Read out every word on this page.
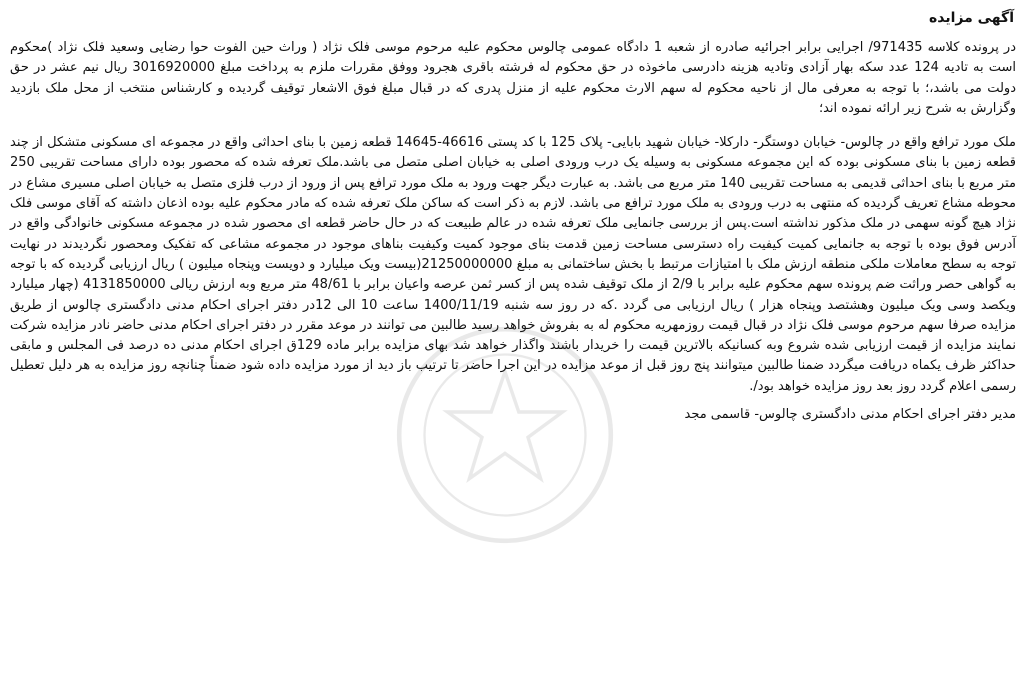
آگهی مزایده

در پرونده کلاسه 971435/ اجرایی برابر اجرائیه صادره از شعبه 1 دادگاه عمومی چالوس محکوم علیه مرحوم موسی فلک نژاد ( وراث حین الفوت حوا رضایی وسعید فلک نژاد )محکوم است به تادیه 124 عدد سکه بهار آزادی وتادیه هزینه دادرسی ماخوذه در حق محکوم له فرشته باقری هجرود ووفق مقررات ملزم به پرداخت مبلغ 3016920000 ریال نیم عشر در حق دولت می باشد،؛ با توجه به معرفی مال از ناحیه محکوم له سهم الارث محکوم علیه از منزل پدری که در قبال مبلغ فوق الاشعار توقیف گردیده و کارشناس منتخب از محل ملک بازدید وگزارش به شرح زیر ارائه نموده اند؛

ملک مورد ترافع واقع در چالوس- خیابان دوستگر- دارکلا- خیابان شهید بابایی- پلاک 125 با کد پستی 46616-14645 قطعه زمین با بنای احداثی واقع در مجموعه ای مسکونی متشکل از چند قطعه زمین با بنای مسکونی بوده که این مجموعه مسکونی به وسیله یک درب ورودی اصلی به خیابان اصلی متصل می باشد.ملک تعرفه شده که محصور بوده دارای مساحت تقریبی 250 متر مربع با بنای احداثی قدیمی به مساحت تقریبی 140 متر مربع می باشد. به عبارت دیگر جهت ورود به ملک مورد ترافع پس از ورود از درب فلزی متصل به خیابان اصلی مسیری مشاع در محوطه مشاع تعریف گردیده که منتهی به درب ورودی به ملک مورد ترافع می باشد. لازم به ذکر است که ساکن ملک تعرفه شده که مادر محکوم علیه بوده اذعان داشته که آقای موسی فلک نژاد هیچ گونه سهمی در ملک مذکور نداشته است.پس از بررسی جانمایی ملک تعرفه شده در عالم طبیعت که در حال حاضر قطعه ای محصور شده در مجموعه مسکونی خانوادگی واقع در آدرس فوق بوده با توجه به جانمایی کمیت کیفیت راه دسترسی مساحت زمین قدمت بنای موجود کمیت وکیفیت بناهای موجود در مجموعه مشاعی که تفکیک ومحصور نگردیدند در نهایت توجه به سطح معاملات ملکی منطقه ارزش ملک با امتیازات مرتبط با بخش ساختمانی به مبلغ 21250000000(بیست ویک میلیارد و دویست وپنجاه میلیون ) ریال ارزیابی گردیده که با توجه به گواهی حصر وراثت ضم پرونده سهم محکوم علیه برابر با 2/9 از ملک توقیف شده پس از کسر ثمن عرصه واعیان برابر با 48/61 متر مربع وبه ارزش ریالی 4131850000 (چهار میلیارد ویکصد وسی ویک میلیون وهشتصد وپنجاه هزار ) ریال ارزیابی می گردد .که در روز سه شنبه 1400/11/19 ساعت 10 الی 12در دفتر اجرای احکام مدنی دادگستری چالوس از طریق مزایده صرفا سهم مرحوم موسی فلک نژاد در قبال قیمت روزمهریه محکوم له به بفروش خواهد رسید طالبین می توانند در موعد مقرر در دفتر اجرای احکام مدنی حاضر نادر مزایده شرکت نمایند مزایده از قیمت ارزیابی شده شروع وبه کسانیکه بالاترین قیمت را خریدار باشند واگذار خواهد شد بهای مزایده برابر ماده 129ق اجرای احکام مدنی ده درصد فی المجلس و مابقی حداکثر ظرف یکماه دریافت میگردد ضمنا طالبین میتوانند پنج روز قبل از موعد مزایده در این اجرا حاضر تا ترتیب باز دید از مورد مزایده داده شود ضمناً چنانچه روز مزایده به هر دلیل تعطیل رسمی اعلام گردد روز بعد روز مزایده خواهد بود/.

مدیر دفتر اجرای احکام مدنی دادگستری چالوس- قاسمی مجد
